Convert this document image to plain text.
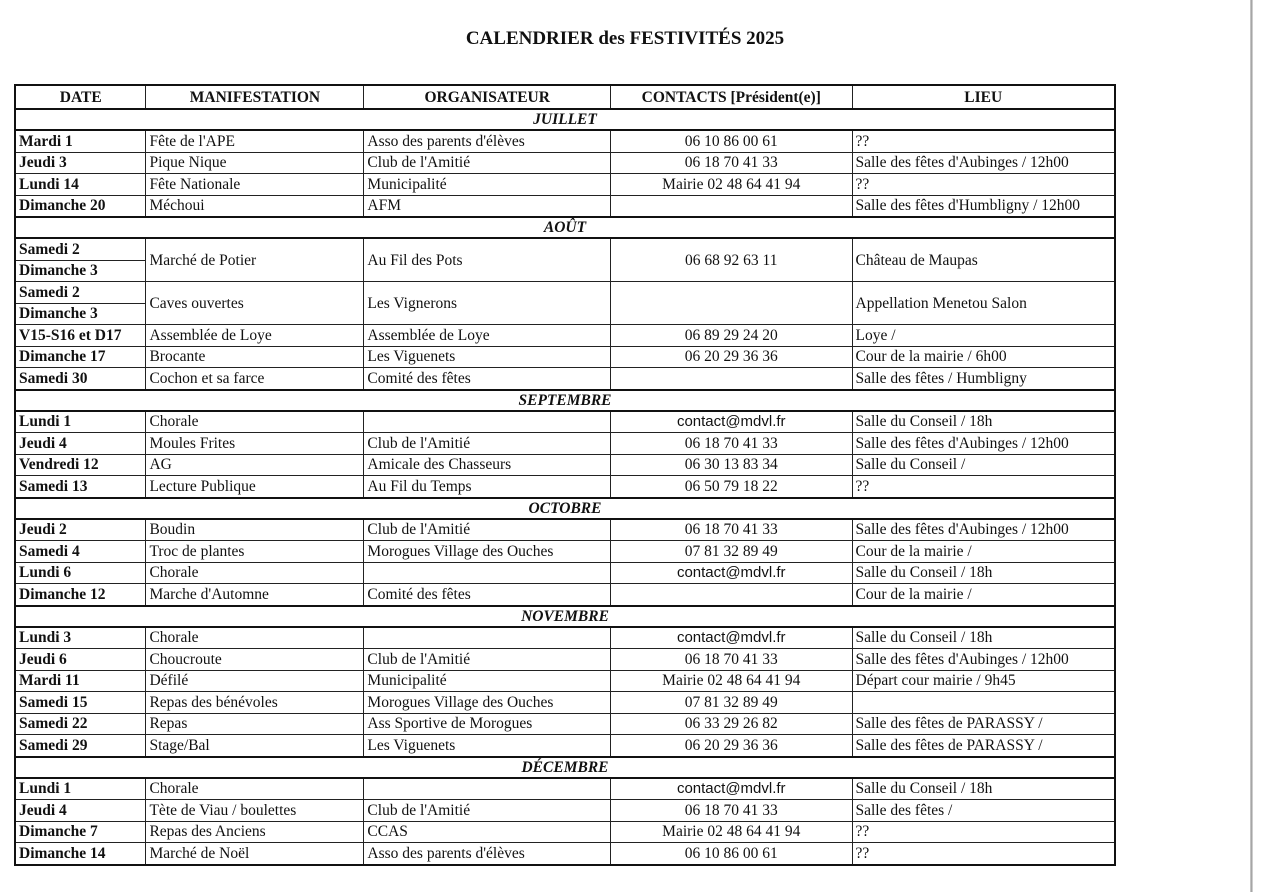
CALENDRIER des FESTIVITÉS 2025
DATE	MANIFESTATION	ORGANISATEUR	CONTACTS [Président(e)]	LIEU
JUILLET				
Mardi 1	Fête de l'APE	Asso des parents d'élèves	06 10 86 00 61	??
Jeudi 3	Pique Nique	Club de l'Amitié	06 18 70 41 33	Salle des fêtes d'Aubinges / 12h00
Lundi 14	Fête Nationale	Municipalité	Mairie 02 48 64 41 94	??
Dimanche 20	Méchoui	AFM		Salle des fêtes d'Humbligny / 12h00
AOÛT				
Samedi 2	Marché de Potier	Au Fil des Pots	06 68 92 63 11	Château de Maupas
Dimanche 3				
Samedi 2	Caves ouvertes	Les Vignerons		Appellation Menetou Salon
Dimanche 3				
V15-S16 et D17	Assemblée de Loye	Assemblée de Loye	06 89 29 24 20	Loye /
Dimanche 17	Brocante	Les Viguenets	06 20 29 36 36	Cour de la mairie / 6h00
Samedi 30	Cochon et sa farce	Comité des fêtes		Salle des fêtes / Humbligny
SEPTEMBRE				
Lundi 1	Chorale		contact@mdvl.fr	Salle du Conseil / 18h
Jeudi 4	Moules Frites	Club de l'Amitié	06 18 70 41 33	Salle des fêtes d'Aubinges / 12h00
Vendredi 12	AG	Amicale des Chasseurs	06 30 13 83 34	Salle du Conseil /
Samedi 13	Lecture Publique	Au Fil du Temps	06 50 79 18 22	??
OCTOBRE				
Jeudi 2	Boudin	Club de l'Amitié	06 18 70 41 33	Salle des fêtes d'Aubinges / 12h00
Samedi 4	Troc de plantes	Morogues Village des Ouches	07 81 32 89 49	Cour de la mairie /
Lundi 6	Chorale		contact@mdvl.fr	Salle du Conseil / 18h
Dimanche 12	Marche d'Automne	Comité des fêtes		Cour de la mairie /
NOVEMBRE				
Lundi 3	Chorale		contact@mdvl.fr	Salle du Conseil / 18h
Jeudi 6	Choucroute	Club de l'Amitié	06 18 70 41 33	Salle des fêtes d'Aubinges / 12h00
Mardi 11	Défilé	Municipalité	Mairie 02 48 64 41 94	Départ cour mairie / 9h45
Samedi 15	Repas des bénévoles	Morogues Village des Ouches	07 81 32 89 49	
Samedi 22	Repas	Ass Sportive de Morogues	06 33 29 26 82	Salle des fêtes de PARASSY /
Samedi 29	Stage/Bal	Les Viguenets	06 20 29 36 36	Salle des fêtes de PARASSY /
DÉCEMBRE				
Lundi 1	Chorale		contact@mdvl.fr	Salle du Conseil / 18h
Jeudi 4	Tète de Viau / boulettes	Club de l'Amitié	06 18 70 41 33	Salle des fêtes /
Dimanche 7	Repas des Anciens	CCAS	Mairie 02 48 64 41 94	??
Dimanche 14	Marché de Noël	Asso des parents d'élèves	06 10 86 00 61	??
